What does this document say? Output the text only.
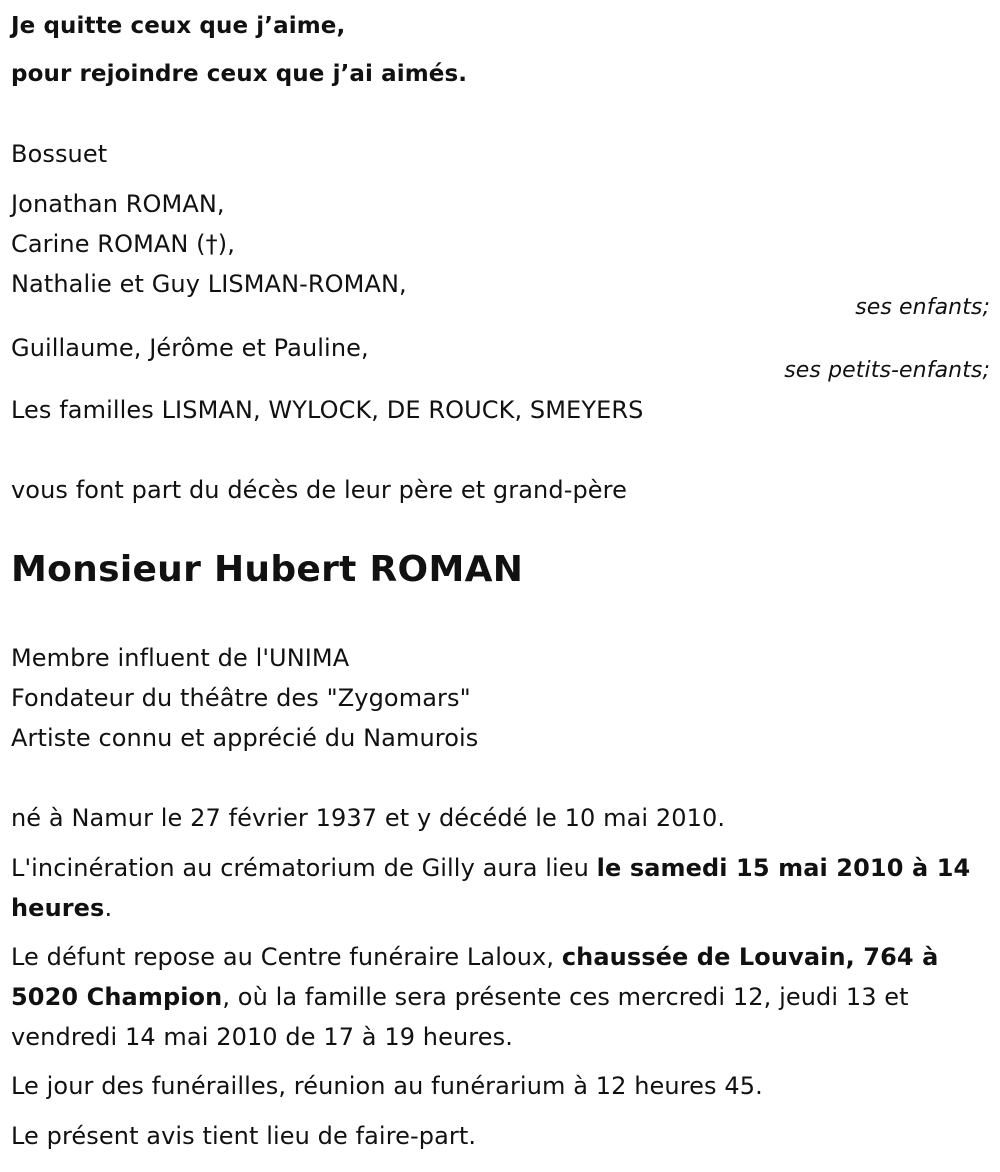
Je quitte ceux que j’aime,
pour rejoindre ceux que j’ai aimés.
Bossuet
Jonathan ROMAN,
Carine ROMAN (†),
Nathalie et Guy LISMAN-ROMAN,
ses enfants;
Guillaume, Jérôme et Pauline,
ses petits-enfants;
Les familles LISMAN, WYLOCK, DE ROUCK, SMEYERS
vous font part du décès de leur père et grand-père
Monsieur Hubert ROMAN
Membre influent de l'UNIMA
Fondateur du théâtre des "Zygomars"
Artiste connu et apprécié du Namurois
né à Namur le 27 février 1937 et y décédé le 10 mai 2010.
L'incinération au crématorium de Gilly aura lieu le samedi 15 mai 2010 à 14 heures.
Le défunt repose au Centre funéraire Laloux, chaussée de Louvain, 764 à 5020 Champion, où la famille sera présente ces mercredi 12, jeudi 13 et vendredi 14 mai 2010 de 17 à 19 heures.
Le jour des funérailles, réunion au funérarium à 12 heures 45.
Le présent avis tient lieu de faire-part.
